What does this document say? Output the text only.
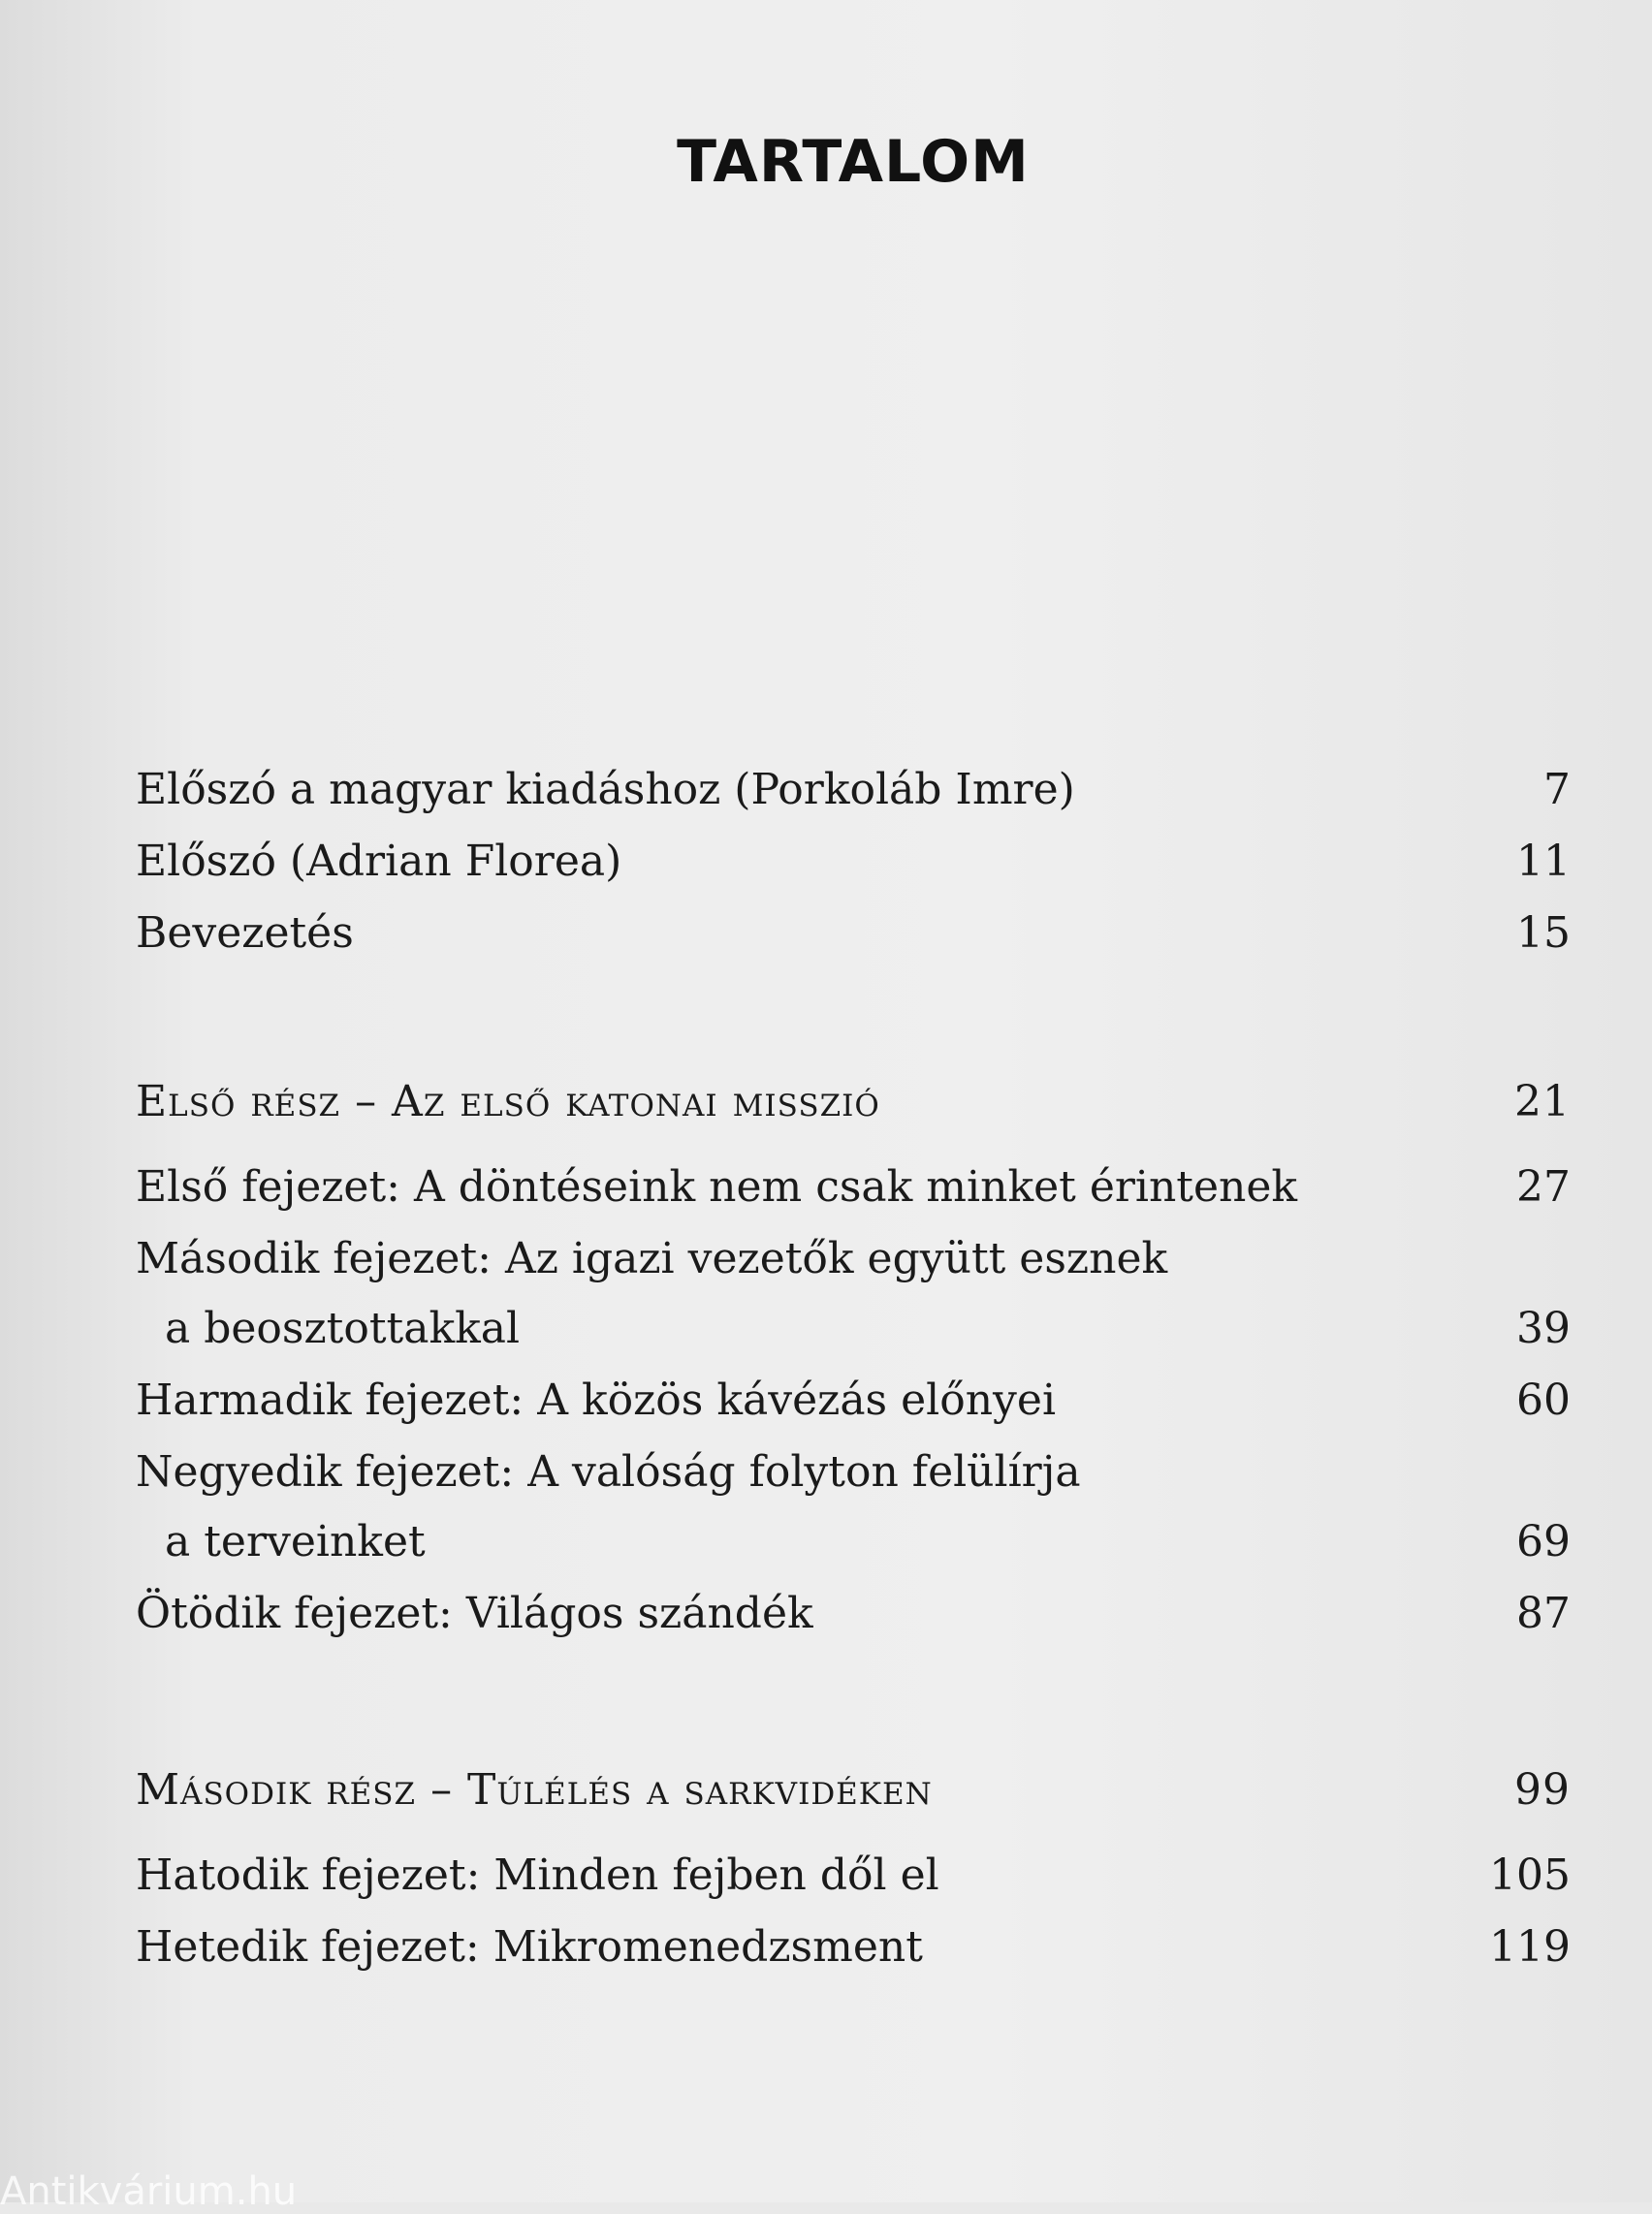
TARTALOM
Előszó a magyar kiadáshoz (Porkoláb Imre)	7
Előszó (Adrian Florea)	11
Bevezetés	15
Első rész – Az első katonai misszió	21
Első fejezet: A döntéseink nem csak minket érintenek	27
Második fejezet: Az igazi vezetők együtt esznek
a beosztottakkal	39
Harmadik fejezet: A közös kávézás előnyei	60
Negyedik fejezet: A valóság folyton felülírja
a terveinket	69
Ötödik fejezet: Világos szándék	87
Második rész – Túlélés a sarkvidéken	99
Hatodik fejezet: Minden fejben dől el	105
Hetedik fejezet: Mikromenedzsment	119
Antikvárium.hu
